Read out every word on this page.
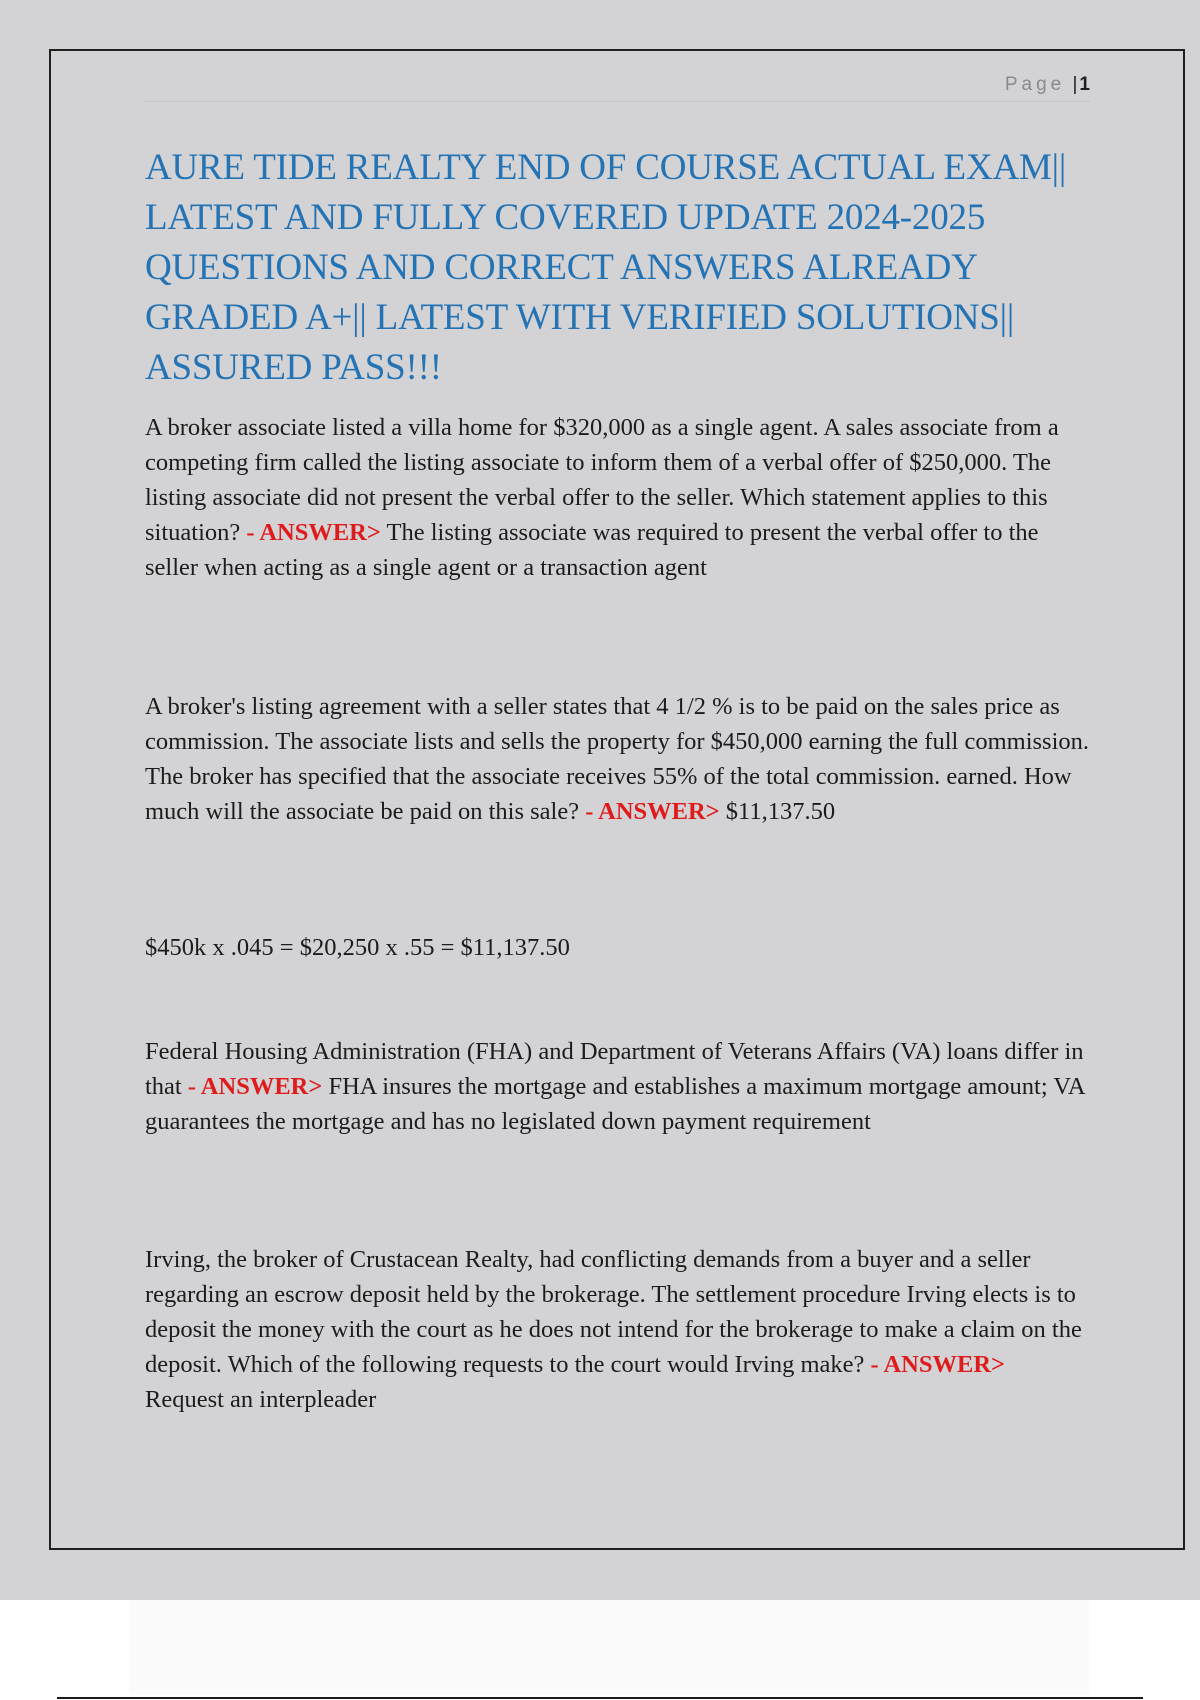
Page | 1
AURE TIDE REALTY END OF COURSE ACTUAL EXAM|| LATEST AND FULLY COVERED UPDATE 2024-2025 QUESTIONS AND CORRECT ANSWERS ALREADY GRADED A+|| LATEST WITH VERIFIED SOLUTIONS|| ASSURED PASS!!!

A broker associate listed a villa home for $320,000 as a single agent. A sales associate from a competing firm called the listing associate to inform them of a verbal offer of $250,000. The listing associate did not present the verbal offer to the seller. Which statement applies to this situation? - ANSWER> The listing associate was required to present the verbal offer to the seller when acting as a single agent or a transaction agent

A broker's listing agreement with a seller states that 4 1/2 % is to be paid on the sales price as commission. The associate lists and sells the property for $450,000 earning the full commission. The broker has specified that the associate receives 55% of the total commission. earned. How much will the associate be paid on this sale? - ANSWER> $11,137.50

$450k x .045 = $20,250 x .55 = $11,137.50

Federal Housing Administration (FHA) and Department of Veterans Affairs (VA) loans differ in that - ANSWER> FHA insures the mortgage and establishes a maximum mortgage amount; VA guarantees the mortgage and has no legislated down payment requirement

Irving, the broker of Crustacean Realty, had conflicting demands from a buyer and a seller regarding an escrow deposit held by the brokerage. The settlement procedure Irving elects is to deposit the money with the court as he does not intend for the brokerage to make a claim on the deposit. Which of the following requests to the court would Irving make? - ANSWER> Request an interpleader
